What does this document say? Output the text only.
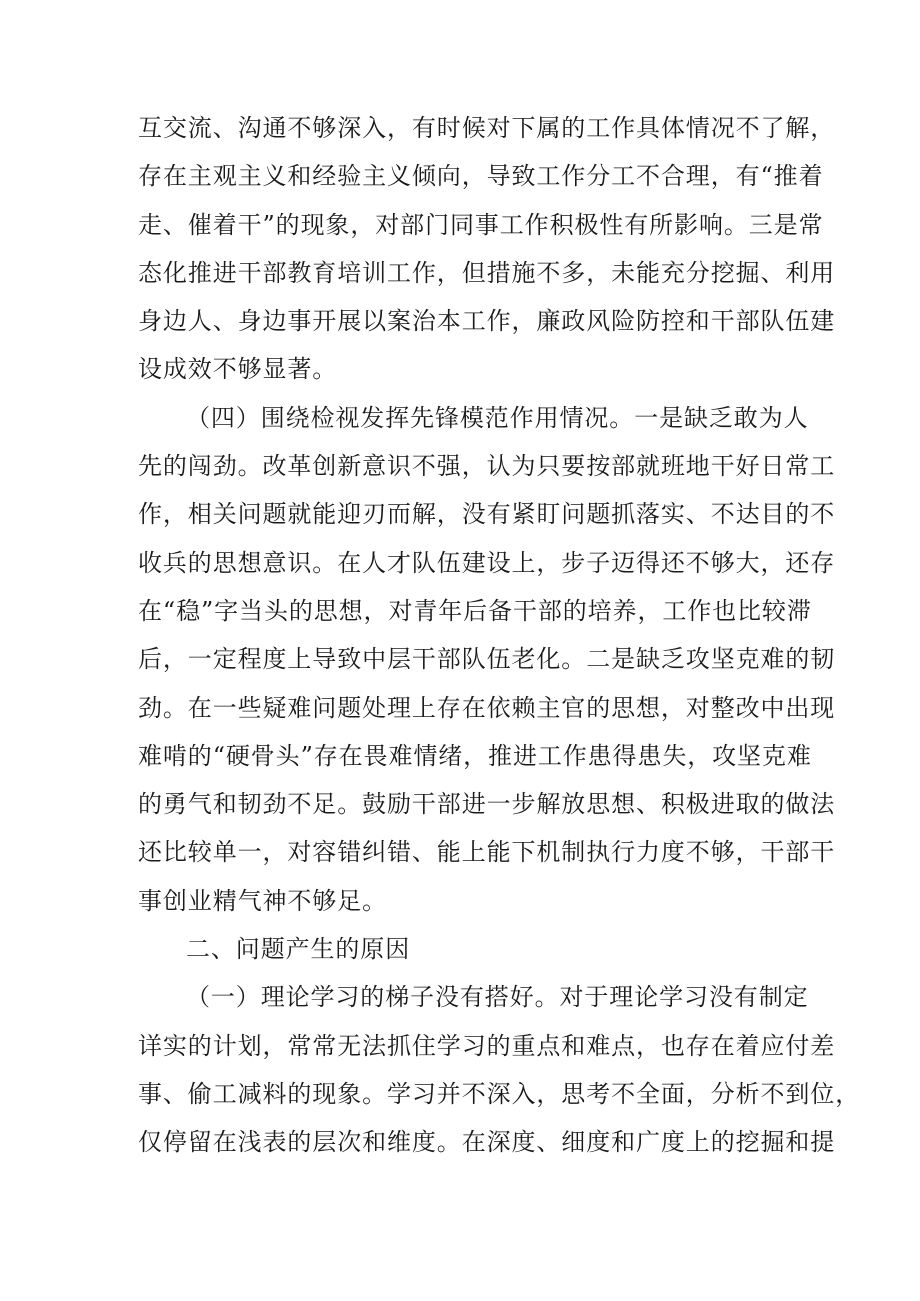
互交流、沟通不够深入，有时候对下属的工作具体情况不了解，
存在主观主义和经验主义倾向，导致工作分工不合理，有“推着
走、催着干”的现象，对部门同事工作积极性有所影响。三是常
态化推进干部教育培训工作，但措施不多，未能充分挖掘、利用
身边人、身边事开展以案治本工作，廉政风险防控和干部队伍建
设成效不够显著。
（四）围绕检视发挥先锋模范作用情况。一是缺乏敢为人
先的闯劲。改革创新意识不强，认为只要按部就班地干好日常工
作，相关问题就能迎刃而解，没有紧盯问题抓落实、不达目的不
收兵的思想意识。在人才队伍建设上，步子迈得还不够大，还存
在“稳”字当头的思想，对青年后备干部的培养，工作也比较滞
后，一定程度上导致中层干部队伍老化。二是缺乏攻坚克难的韧
劲。在一些疑难问题处理上存在依赖主官的思想，对整改中出现
难啃的“硬骨头”存在畏难情绪，推进工作患得患失，攻坚克难
的勇气和韧劲不足。鼓励干部进一步解放思想、积极进取的做法
还比较单一，对容错纠错、能上能下机制执行力度不够，干部干
事创业精气神不够足。
二、问题产生的原因
（一）理论学习的梯子没有搭好。对于理论学习没有制定
详实的计划，常常无法抓住学习的重点和难点，也存在着应付差
事、偷工减料的现象。学习并不深入，思考不全面，分析不到位，
仅停留在浅表的层次和维度。在深度、细度和广度上的挖掘和提
